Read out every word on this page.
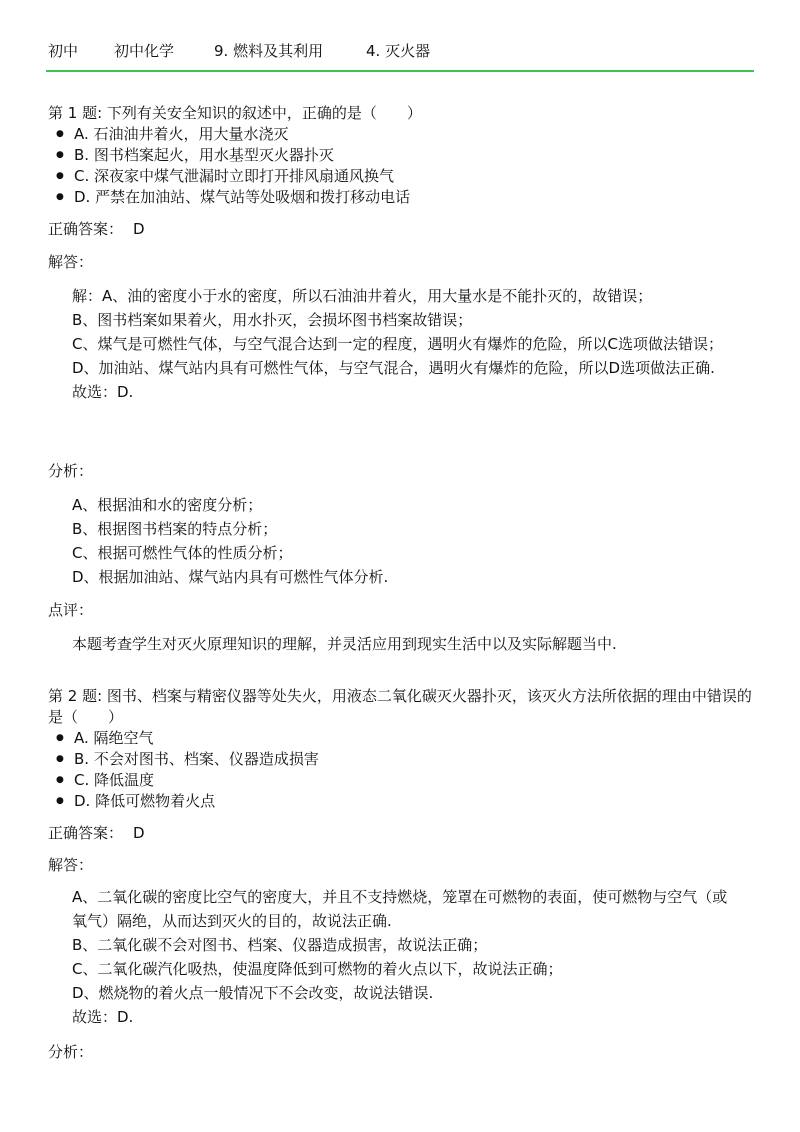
初中 初中化学	9. 燃料及其利用	4. 灭火器
第 1 题: 下列有关安全知识的叙述中，正确的是（　　）
● A. 石油油井着火，用大量水浇灭
● B. 图书档案起火，用水基型灭火器扑灭
● C. 深夜家中煤气泄漏时立即打开排风扇通风换气
● D. 严禁在加油站、煤气站等处吸烟和拨打移动电话
正确答案： D
解答：

解：A、油的密度小于水的密度，所以石油油井着火，用大量水是不能扑灭的，故错误；

B、图书档案如果着火，用水扑灭，会损坏图书档案故错误；

C、煤气是可燃性气体，与空气混合达到一定的程度，遇明火有爆炸的危险，所以C选项做法错误；

D、加油站、煤气站内具有可燃性气体，与空气混合，遇明火有爆炸的危险，所以D选项做法正确.

故选：D.

分析：

A、根据油和水的密度分析；

B、根据图书档案的特点分析；

C、根据可燃性气体的性质分析；

D、根据加油站、煤气站内具有可燃性气体分析.

点评：
本题考查学生对灭火原理知识的理解，并灵活应用到现实生活中以及实际解题当中.
第 2 题: 图书、档案与精密仪器等处失火，用液态二氧化碳灭火器扑灭，该灭火方法所依据的理由中错误的是（　　）
● A. 隔绝空气
● B. 不会对图书、档案、仪器造成损害
● C. 降低温度
● D. 降低可燃物着火点
正确答案： D
解答：

A、二氧化碳的密度比空气的密度大，并且不支持燃烧，笼罩在可燃物的表面，使可燃物与空气（或氧气）隔绝，从而达到灭火的目的，故说法正确.

B、二氧化碳不会对图书、档案、仪器造成损害，故说法正确；

C、二氧化碳汽化吸热，使温度降低到可燃物的着火点以下，故说法正确；

D、燃烧物的着火点一般情况下不会改变，故说法错误.

故选：D.

分析：
